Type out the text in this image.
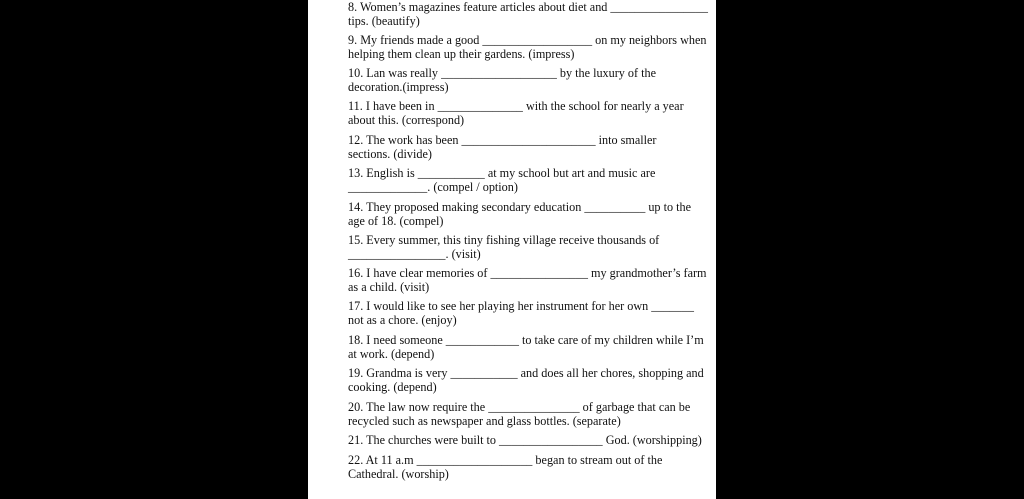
8. Women’s magazines feature articles about diet and ________________
tips. (beautify)
9. My friends made a good __________________ on my neighbors when
helping them clean up their gardens. (impress)
10. Lan was really ___________________ by the luxury of the
decoration.(impress)
11. I have been in ______________ with the school for nearly a year
about this. (correspond)
12. The work has been ______________________ into smaller
sections. (divide)
13. English is ___________ at my school but art and music are
_____________. (compel / option)
14. They proposed making secondary education __________ up to the
age of 18. (compel)
15. Every summer, this tiny fishing village receive thousands of
________________. (visit)
16. I have clear memories of ________________ my grandmother’s farm
as a child. (visit)
17. I would like to see her playing her instrument for her own _______
not as a chore. (enjoy)
18. I need someone ____________ to take care of my children while I’m
at work. (depend)
19. Grandma is very ___________ and does all her chores, shopping and
cooking. (depend)
20. The law now require the _______________ of garbage that can be
recycled such as newspaper and glass bottles. (separate)
21. The churches were built to _________________ God. (worshipping)
22. At 11 a.m ___________________ began to stream out of the
Cathedral. (worship)
